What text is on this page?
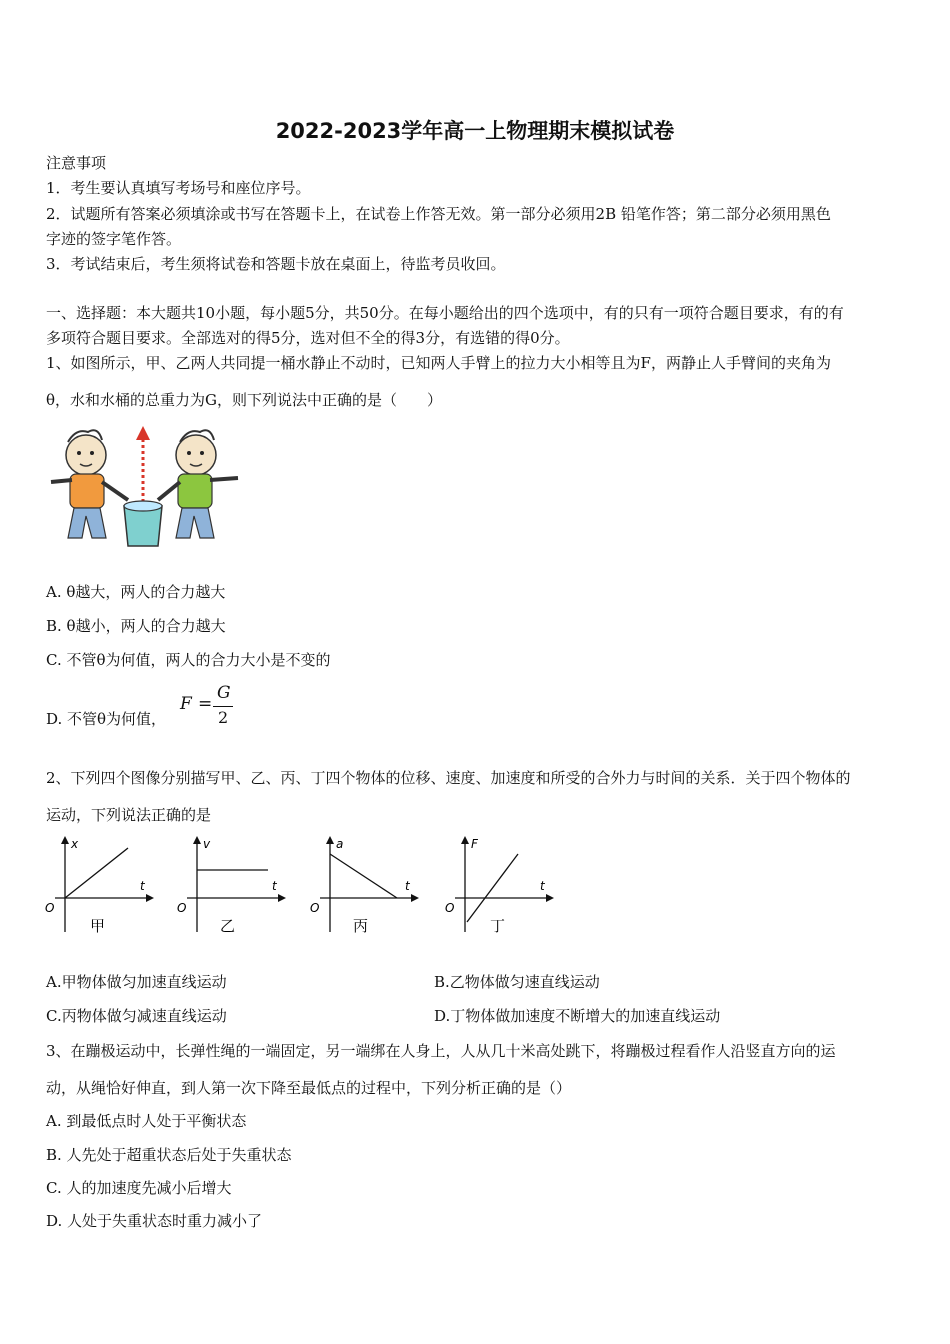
2022-2023学年高一上物理期末模拟试卷
注意事项
1．考生要认真填写考场号和座位序号。
2．试题所有答案必须填涂或书写在答题卡上，在试卷上作答无效。第一部分必须用2B 铅笔作答；第二部分必须用黑色
字迹的签字笔作答。
3．考试结束后，考生须将试卷和答题卡放在桌面上，待监考员收回。
一、选择题：本大题共10小题，每小题5分，共50分。在每小题给出的四个选项中，有的只有一项符合题目要求，有的有
多项符合题目要求。全部选对的得5分，选对但不全的得3分，有选错的得0分。
1、如图所示，甲、乙两人共同提一桶水静止不动时，已知两人手臂上的拉力大小相等且为F，两静止人手臂间的夹角为
θ，水和水桶的总重力为G，则下列说法中正确的是（　　）
A. θ越大，两人的合力越大
B. θ越小，两人的合力越大
C. 不管θ为何值，两人的合力大小是不变的
D. 不管θ为何值，
F =
G
2
2、下列四个图像分别描写甲、乙、丙、丁四个物体的位移、速度、加速度和所受的合外力与时间的关系．关于四个物体的
运动，下列说法正确的是
x
t
O
甲
v
t
O
乙
a
t
O
丙
F
t
O
丁
A.甲物体做匀加速直线运动	B.乙物体做匀速直线运动
C.丙物体做匀减速直线运动	D.丁物体做加速度不断增大的加速直线运动
3、在蹦极运动中，长弹性绳的一端固定，另一端绑在人身上，人从几十米高处跳下，将蹦极过程看作人沿竖直方向的运
动，从绳恰好伸直，到人第一次下降至最低点的过程中，下列分析正确的是（）
A. 到最低点时人处于平衡状态
B. 人先处于超重状态后处于失重状态
C. 人的加速度先减小后增大
D. 人处于失重状态时重力减小了
